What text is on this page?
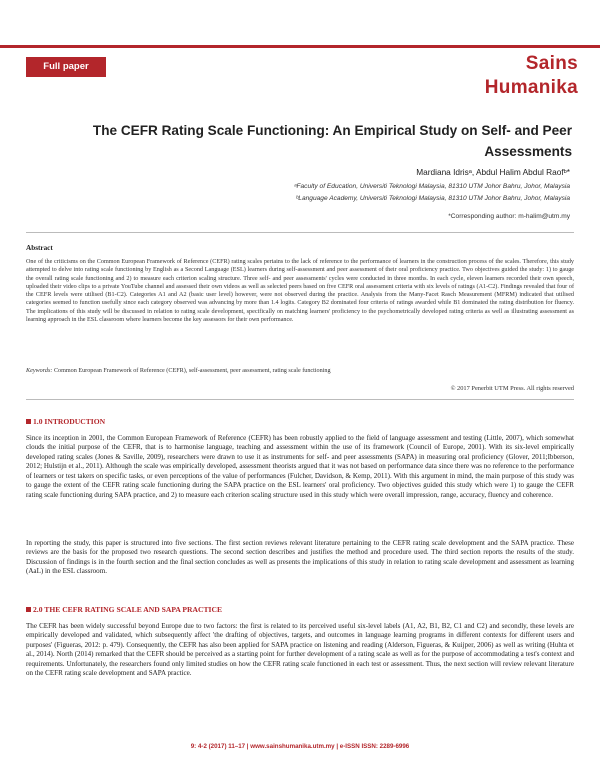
Full paper	Sains
Humanika
The CEFR Rating Scale Functioning: An Empirical Study on Self- and Peer Assessments
Mardiana Idrisᵃ, Abdul Halim Abdul Raofᵇ*
ᵃFaculty of Education, Universiti Teknologi Malaysia, 81310 UTM Johor Bahru, Johor, Malaysia
ᵇLanguage Academy, Universiti Teknologi Malaysia, 81310 UTM Johor Bahru, Johor, Malaysia
*Corresponding author: m-halim@utm.my
Abstract
One of the criticisms on the Common European Framework of Reference (CEFR) rating scales pertains to the lack of reference to the performance of learners in the construction process of the scales. Therefore, this study attempted to delve into rating scale functioning by English as a Second Language (ESL) learners during self-assessment and peer assessment of their oral proficiency practice. Two objectives guided the study: 1) to gauge the overall rating scale functioning and 2) to measure each criterion scaling structure. Three self- and peer assessments' cycles were conducted in three months. In each cycle, eleven learners recorded their own speech, uploaded their video clips to a private YouTube channel and assessed their own videos as well as selected peers based on five CEFR oral assessment criteria with six levels of ratings (A1-C2). Findings revealed that four of the CEFR levels were utilised (B1-C2). Categories A1 and A2 (basic user level) however, were not observed during the practice. Analysis from the Many-Facet Rasch Measurement (MFRM) indicated that utilised categories seemed to function usefully since each category observed was advancing by more than 1.4 logits. Category B2 dominated four criteria of ratings awarded while B1 dominated the rating distribution for fluency. The implications of this study will be discussed in relation to rating scale development, specifically on matching learners' proficiency to the psychometrically developed rating criteria as well as illustrating assessment as learning approach in the ESL classroom where learners become the key assessors for their own performance.
Keywords: Common European Framework of Reference (CEFR), self-assessment, peer assessment, rating scale functioning
© 2017 Penerbit UTM Press. All rights reserved
1.0 INTRODUCTION
Since its inception in 2001, the Common European Framework of Reference (CEFR) has been robustly applied to the field of language assessment and testing (Little, 2007), which somewhat clouds the initial purpose of the CEFR, that is to harmonise language, teaching and assessment within the use of its framework (Council of Europe, 2001). With its six-level empirically developed rating scales (Jones & Saville, 2009), researchers were drawn to use it as instruments for self- and peer assessments (SAPA) in measuring oral proficiency (Glover, 2011;Ibberson, 2012; Hulstijn et al., 2011). Although the scale was empirically developed, assessment theorists argued that it was not based on performance data since there was no reference to the performance of learners or test takers on specific tasks, or even perceptions of the value of performances (Fulcher, Davidson, & Kemp, 2011). With this argument in mind, the main purpose of this study was to gauge the extent of the CEFR rating scale functioning during the SAPA practice on the ESL learners' oral proficiency. Two objectives guided this study which were 1) to gauge the CEFR rating scale functioning during SAPA practice, and 2) to measure each criterion scaling structure used in this study which were overall impression, range, accuracy, fluency and coherence.
In reporting the study, this paper is structured into five sections. The first section reviews relevant literature pertaining to the CEFR rating scale development and the SAPA practice. These reviews are the basis for the proposed two research questions. The second section describes and justifies the method and procedure used. The third section reports the results of the study. Discussion of findings is in the fourth section and the final section concludes as well as presents the implications of this study in relation to rating scale development and assessment as learning (AaL) in the ESL classroom.
2.0 THE CEFR RATING SCALE AND SAPA PRACTICE
The CEFR has been widely successful beyond Europe due to two factors: the first is related to its perceived useful six-level labels (A1, A2, B1, B2, C1 and C2) and secondly, these levels are empirically developed and validated, which subsequently affect 'the drafting of objectives, targets, and outcomes in language learning programs in different contexts for different users and purposes' (Figueras, 2012: p. 479). Consequently, the CEFR has also been applied for SAPA practice on listening and reading (Alderson, Figueras, & Kuijper, 2006) as well as writing (Huhta et al., 2014). North (2014) remarked that the CEFR should be perceived as a starting point for further development of a rating scale as well as for the purpose of accommodating a test's context and requirements. Unfortunately, the researchers found only limited studies on how the CEFR rating scale functioned in each test or assessment. Thus, the next section will review relevant literature on the CEFR rating scale development and SAPA practice.
9: 4-2 (2017) 11–17 | www.sainshumanika.utm.my | e-ISSN ISSN: 2289-6996
